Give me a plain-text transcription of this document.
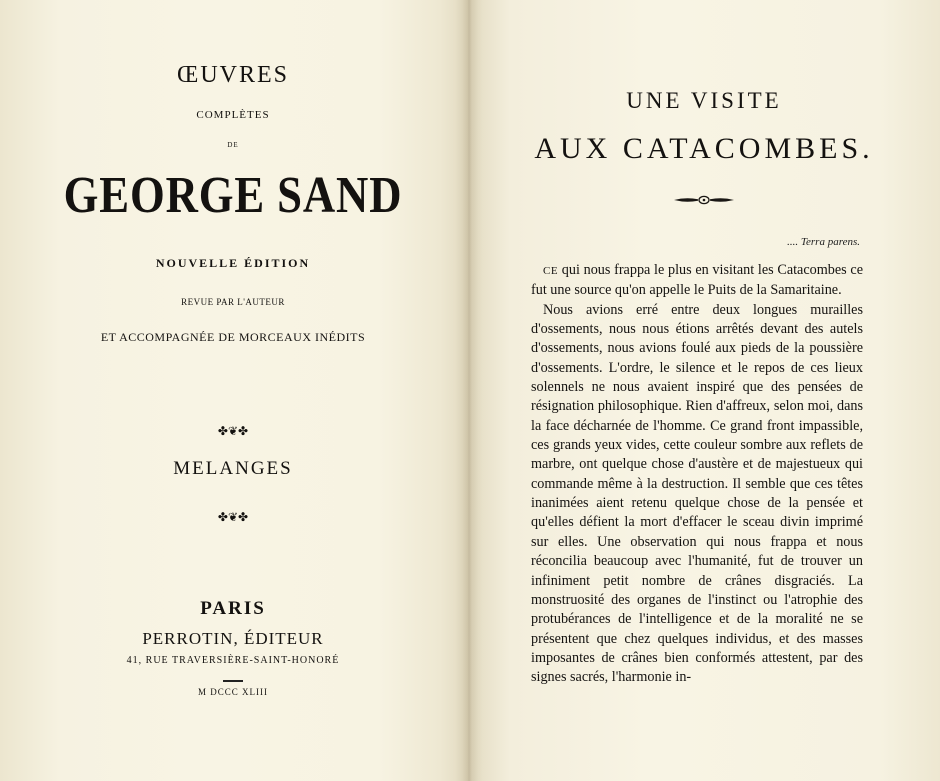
ŒUVRES
COMPLÈTES
DE
GEORGE SAND
NOUVELLE ÉDITION
REVUE PAR L'AUTEUR
ET ACCOMPAGNÉE DE MORCEAUX INÉDITS
✤❦✤
MELANGES
✤❦✤
PARIS
PERROTIN, ÉDITEUR
41, RUE TRAVERSIÈRE-SAINT-HONORÉ
M DCCC XLIII
UNE VISITE
AUX CATACOMBES.
.... Terra parens.

CE qui nous frappa le plus en visitant les Catacombes ce fut une source qu'on appelle le Puits de la Samaritaine.

Nous avions erré entre deux longues murailles d'ossements, nous nous étions arrêtés devant des autels d'ossements, nous avions foulé aux pieds de la poussière d'ossements. L'ordre, le silence et le repos de ces lieux solennels ne nous avaient inspiré que des pensées de résignation philosophique. Rien d'affreux, selon moi, dans la face décharnée de l'homme. Ce grand front impassible, ces grands yeux vides, cette couleur sombre aux reflets de marbre, ont quelque chose d'austère et de majestueux qui commande même à la destruction. Il semble que ces têtes inanimées aient retenu quelque chose de la pensée et qu'elles défient la mort d'effacer le sceau divin imprimé sur elles. Une observation qui nous frappa et nous réconcilia beaucoup avec l'humanité, fut de trouver un infiniment petit nombre de crânes disgraciés. La monstruosité des organes de l'instinct ou l'atrophie des protubérances de l'intelligence et de la moralité ne se présentent que chez quelques individus, et des masses imposantes de crânes bien conformés attestent, par des signes sacrés, l'harmonie in-
